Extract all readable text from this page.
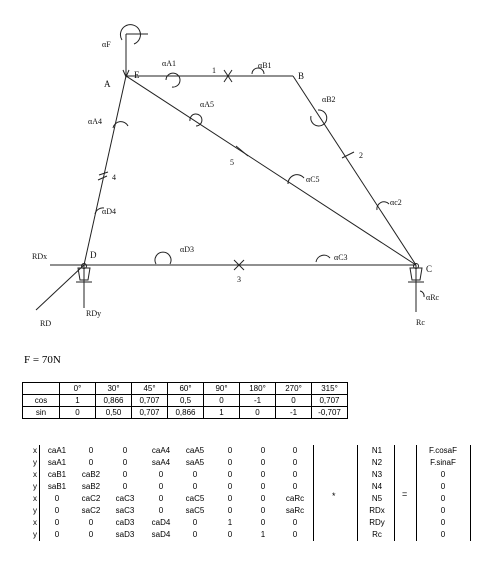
A
E	B
C
D
1
2
3
4
5
αF
αA1	αB1
αB2
αA5
αA4
αC5
αc2
αD4
αD3
αC3
αRc
RDx
RD
RDy
Rc
F = 70N
	0°	30°	45°	60°	90°	180°	270°	315°
cos	1	0,866	0,707	0,5	0	-1	0	0,707
sin	0	0,50	0,707	0,866	1	0	-1	-0,707
*	=
x	caA1	0	0	caA4	caA5	0	0	0	N1	F.cosaF
y	saA1	0	0	saA4	saA5	0	0	0	N2	F.sinaF
x	caB1	caB2	0	0	0	0	0	0	N3	0
y	saB1	saB2	0	0	0	0	0	0	N4	0
x	0	caC2	caC3	0	caC5	0	0	caRc	N5	0
y	0	saC2	saC3	0	saC5	0	0	saRc	RDx	0
x	0	0	caD3	caD4	0	1	0	0	RDy	0
y	0	0	saD3	saD4	0	0	1	0	Rc	0
